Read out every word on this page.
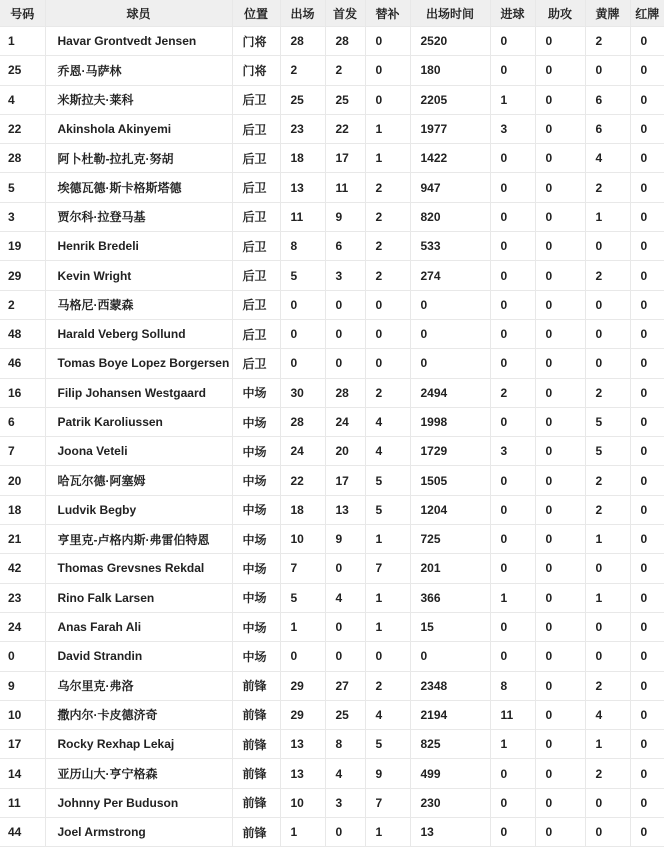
号码	球员	位置	出场	首发	替补	出场时间	进球	助攻	黄牌	红牌
1	Havar Grontvedt Jensen	门将	28	28	0	2520	0	0	2	0
25	乔恩·马萨林	门将	2	2	0	180	0	0	0	0
4	米斯拉夫·莱科	后卫	25	25	0	2205	1	0	6	0
22	Akinshola Akinyemi	后卫	23	22	1	1977	3	0	6	0
28	阿卜杜勒-拉扎克·努胡	后卫	18	17	1	1422	0	0	4	0
5	埃德瓦德·斯卡格斯塔德	后卫	13	11	2	947	0	0	2	0
3	贾尔科·拉登马基	后卫	11	9	2	820	0	0	1	0
19	Henrik Bredeli	后卫	8	6	2	533	0	0	0	0
29	Kevin Wright	后卫	5	3	2	274	0	0	2	0
2	马格尼·西蒙森	后卫	0	0	0	0	0	0	0	0
48	Harald Veberg Sollund	后卫	0	0	0	0	0	0	0	0
46	Tomas Boye Lopez Borgersen	后卫	0	0	0	0	0	0	0	0
16	Filip Johansen Westgaard	中场	30	28	2	2494	2	0	2	0
6	Patrik Karoliussen	中场	28	24	4	1998	0	0	5	0
7	Joona Veteli	中场	24	20	4	1729	3	0	5	0
20	哈瓦尔德·阿塞姆	中场	22	17	5	1505	0	0	2	0
18	Ludvik Begby	中场	18	13	5	1204	0	0	2	0
21	亨里克-卢格内斯·弗雷伯特恩	中场	10	9	1	725	0	0	1	0
42	Thomas Grevsnes Rekdal	中场	7	0	7	201	0	0	0	0
23	Rino Falk Larsen	中场	5	4	1	366	1	0	1	0
24	Anas Farah Ali	中场	1	0	1	15	0	0	0	0
0	David Strandin	中场	0	0	0	0	0	0	0	0
9	乌尔里克·弗洛	前锋	29	27	2	2348	8	0	2	0
10	撒内尔·卡皮德济奇	前锋	29	25	4	2194	11	0	4	0
17	Rocky Rexhap Lekaj	前锋	13	8	5	825	1	0	1	0
14	亚历山大·亨宁格森	前锋	13	4	9	499	0	0	2	0
11	Johnny Per Buduson	前锋	10	3	7	230	0	0	0	0
44	Joel Armstrong	前锋	1	0	1	13	0	0	0	0
